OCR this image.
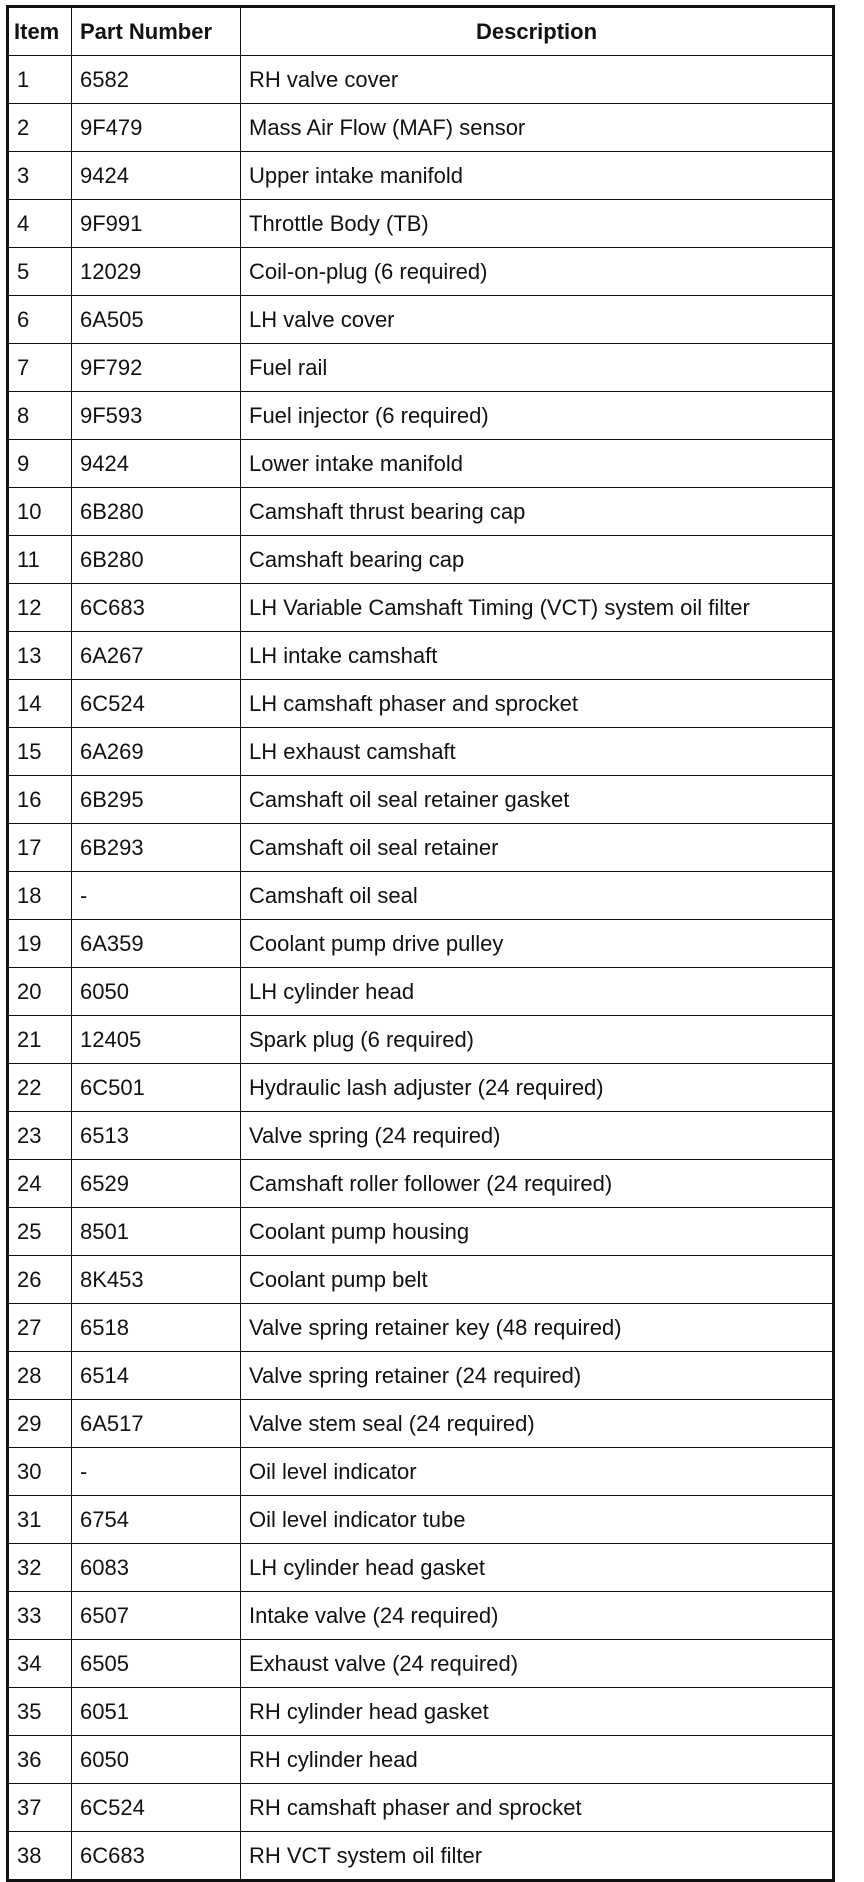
Item	Part Number	Description
1	6582	RH valve cover
2	9F479	Mass Air Flow (MAF) sensor
3	9424	Upper intake manifold
4	9F991	Throttle Body (TB)
5	12029	Coil-on-plug (6 required)
6	6A505	LH valve cover
7	9F792	Fuel rail
8	9F593	Fuel injector (6 required)
9	9424	Lower intake manifold
10	6B280	Camshaft thrust bearing cap
11	6B280	Camshaft bearing cap
12	6C683	LH Variable Camshaft Timing (VCT) system oil filter
13	6A267	LH intake camshaft
14	6C524	LH camshaft phaser and sprocket
15	6A269	LH exhaust camshaft
16	6B295	Camshaft oil seal retainer gasket
17	6B293	Camshaft oil seal retainer
18	-	Camshaft oil seal
19	6A359	Coolant pump drive pulley
20	6050	LH cylinder head
21	12405	Spark plug (6 required)
22	6C501	Hydraulic lash adjuster (24 required)
23	6513	Valve spring (24 required)
24	6529	Camshaft roller follower (24 required)
25	8501	Coolant pump housing
26	8K453	Coolant pump belt
27	6518	Valve spring retainer key (48 required)
28	6514	Valve spring retainer (24 required)
29	6A517	Valve stem seal (24 required)
30	-	Oil level indicator
31	6754	Oil level indicator tube
32	6083	LH cylinder head gasket
33	6507	Intake valve (24 required)
34	6505	Exhaust valve (24 required)
35	6051	RH cylinder head gasket
36	6050	RH cylinder head
37	6C524	RH camshaft phaser and sprocket
38	6C683	RH VCT system oil filter
